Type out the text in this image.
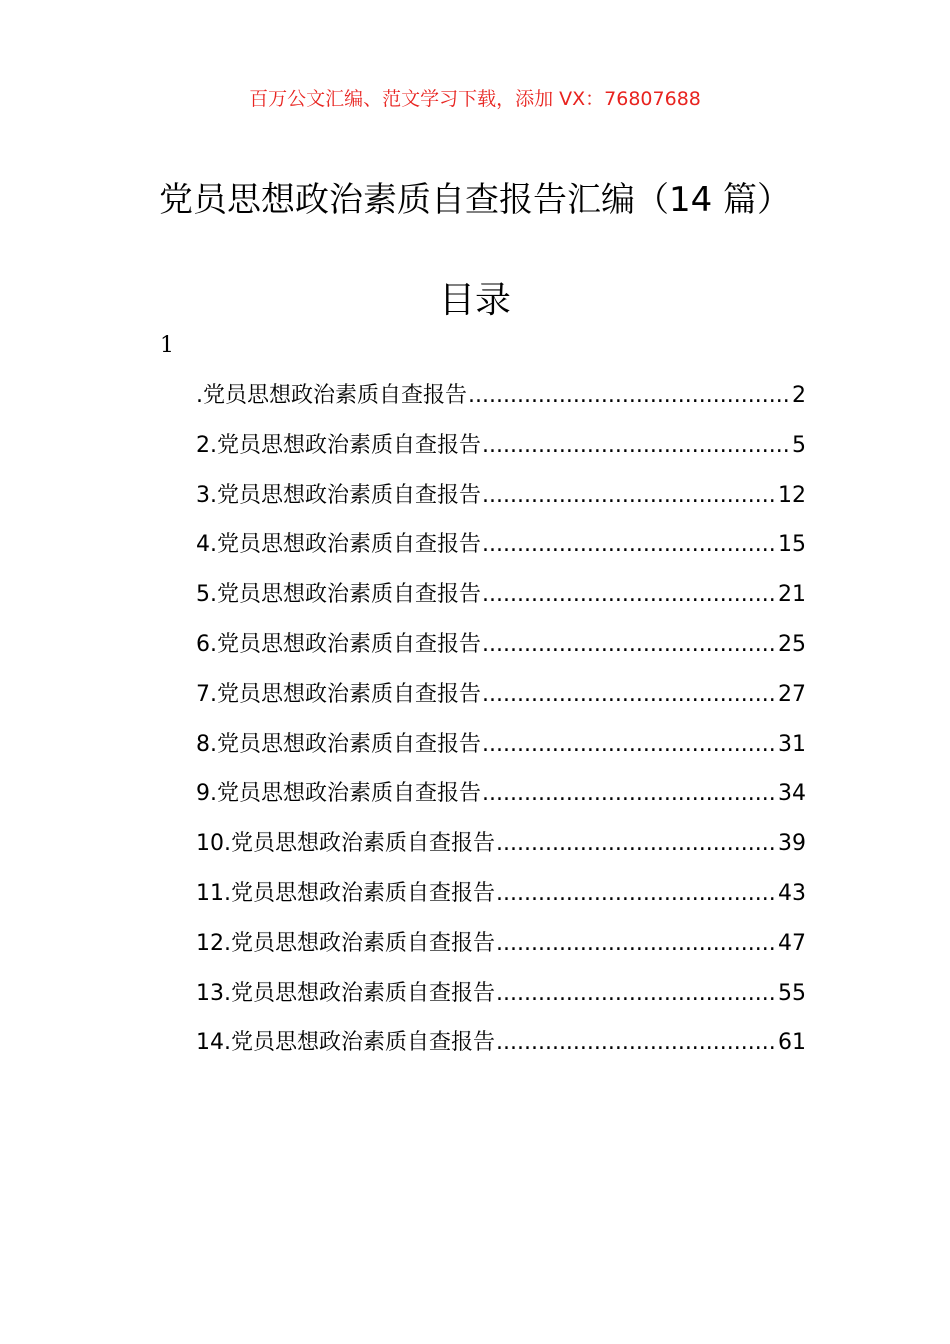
百万公文汇编、范文学习下载，添加 VX：76807688
党员思想政治素质自查报告汇编（14 篇）
目录
1
.党员思想政治素质自查报告 .....	2
2.党员思想政治素质自查报告 .....	5
3.党员思想政治素质自查报告 .....	12
4.党员思想政治素质自查报告 .....	15
5.党员思想政治素质自查报告 .....	21
6.党员思想政治素质自查报告 .....	25
7.党员思想政治素质自查报告 .....	27
8.党员思想政治素质自查报告 .....	31
9.党员思想政治素质自查报告 .....	34
10.党员思想政治素质自查报告 .....	39
11.党员思想政治素质自查报告 .....	43
12.党员思想政治素质自查报告 .....	47
13.党员思想政治素质自查报告 .....	55
14.党员思想政治素质自查报告 .....	61
